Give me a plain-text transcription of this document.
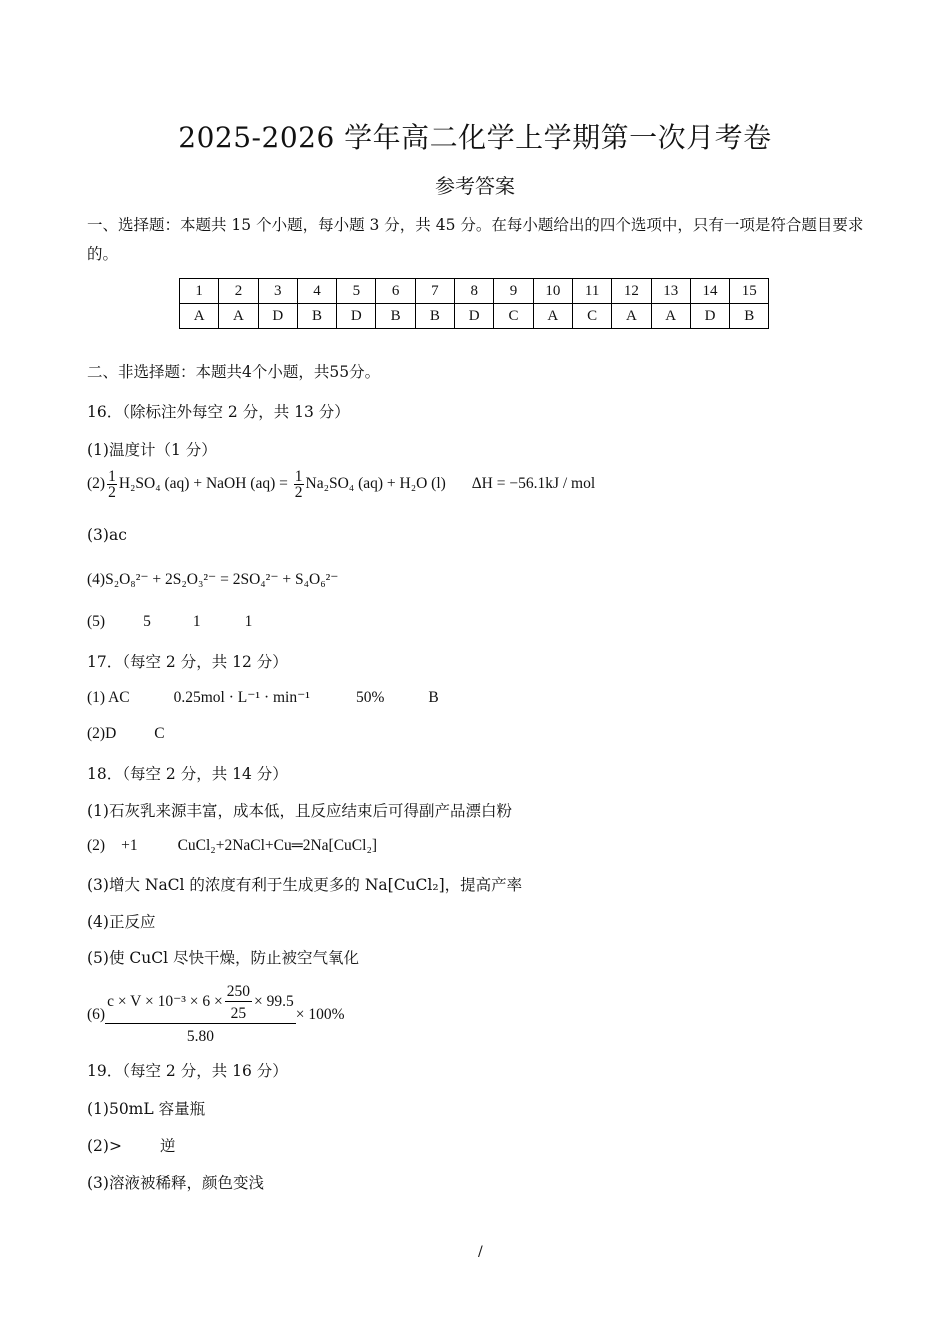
2025-2026 学年高二化学上学期第一次月考卷
参考答案
一、选择题：本题共 15 个小题，每小题 3 分，共 45 分。在每小题给出的四个选项中，只有一项是符合题目要求的。
1	2	3	4	5	6	7	8	9	10	11	12	13	14	15
A	A	D	B	D	B	B	D	C	A	C	A	A	D	B
二、非选择题：本题共4个小题，共55分。
16．（除标注外每空 2 分，共 13 分）
(1)温度计（1 分）
$(2) \frac{1}{2} H_2SO_4$ (aq) + NaOH $(aq) = \frac{1}{2} Na_2SO_4$ (aq) + H₂O (l) ΔH = −56.1kJ / mol
(3)ac
(4)S₂O₈²⁻ + 2S₂O₃²⁻ = 2SO₄²⁻ + S₄O₆²⁻
(5) 5	1	1
17．（每空 2 分，共 12 分）
(1) AC	0.25mol · L⁻¹ · min⁻¹	50%	B
(2)D C
18．（每空 2 分，共 14 分）
(1)石灰乳来源丰富，成本低，且反应结束后可得副产品漂白粉
(2) +1	CuCl₂+2NaCl+Cu═2Na[CuCl₂]
(3)增大 NaCl 的浓度有利于生成更多的 Na[CuCl₂]，提高产率
(4)正反应
(5)使 CuCl 尽快干燥，防止被空气氧化
$(6) \frac{c \times V \times 10^{-3} \times 6 \times \frac{250}{25} \times 99.5}{5.80} \times 100\%$
19．（每空 2 分，共 16 分）
(1)50mL 容量瓶
(2)> 逆
(3)溶液被稀释，颜色变浅
/
